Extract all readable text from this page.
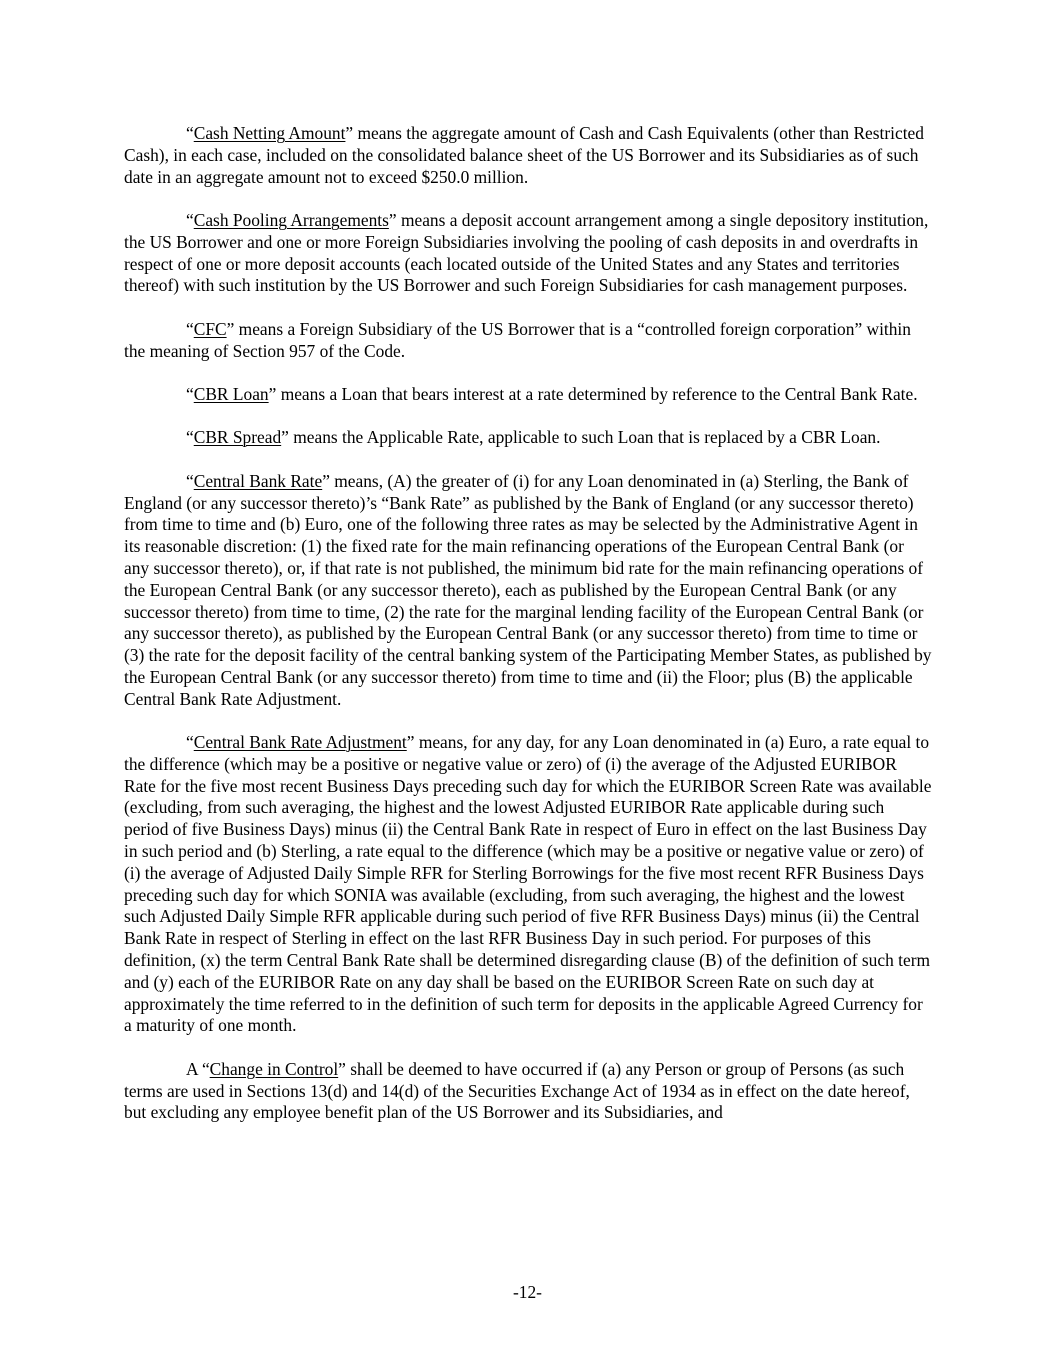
“Cash Netting Amount” means the aggregate amount of Cash and Cash Equivalents (other than Restricted Cash), in each case, included on the consolidated balance sheet of the US Borrower and its Subsidiaries as of such date in an aggregate amount not to exceed $250.0 million.

“Cash Pooling Arrangements” means a deposit account arrangement among a single depository institution, the US Borrower and one or more Foreign Subsidiaries involving the pooling of cash deposits in and overdrafts in respect of one or more deposit accounts (each located outside of the United States and any States and territories thereof) with such institution by the US Borrower and such Foreign Subsidiaries for cash management purposes.

“CFC” means a Foreign Subsidiary of the US Borrower that is a “controlled foreign corporation” within the meaning of Section 957 of the Code.

“CBR Loan” means a Loan that bears interest at a rate determined by reference to the Central Bank Rate.

“CBR Spread” means the Applicable Rate, applicable to such Loan that is replaced by a CBR Loan.

“Central Bank Rate” means, (A) the greater of (i) for any Loan denominated in (a) Sterling, the Bank of England (or any successor thereto)’s “Bank Rate” as published by the Bank of England (or any successor thereto) from time to time and (b) Euro, one of the following three rates as may be selected by the Administrative Agent in its reasonable discretion: (1) the fixed rate for the main refinancing operations of the European Central Bank (or any successor thereto), or, if that rate is not published, the minimum bid rate for the main refinancing operations of the European Central Bank (or any successor thereto), each as published by the European Central Bank (or any successor thereto) from time to time, (2) the rate for the marginal lending facility of the European Central Bank (or any successor thereto), as published by the European Central Bank (or any successor thereto) from time to time or (3) the rate for the deposit facility of the central banking system of the Participating Member States, as published by the European Central Bank (or any successor thereto) from time to time and (ii) the Floor; plus (B) the applicable Central Bank Rate Adjustment.

“Central Bank Rate Adjustment” means, for any day, for any Loan denominated in (a) Euro, a rate equal to the difference (which may be a positive or negative value or zero) of (i) the average of the Adjusted EURIBOR Rate for the five most recent Business Days preceding such day for which the EURIBOR Screen Rate was available (excluding, from such averaging, the highest and the lowest Adjusted EURIBOR Rate applicable during such period of five Business Days) minus (ii) the Central Bank Rate in respect of Euro in effect on the last Business Day in such period and (b) Sterling, a rate equal to the difference (which may be a positive or negative value or zero) of (i) the average of Adjusted Daily Simple RFR for Sterling Borrowings for the five most recent RFR Business Days preceding such day for which SONIA was available (excluding, from such averaging, the highest and the lowest such Adjusted Daily Simple RFR applicable during such period of five RFR Business Days) minus (ii) the Central Bank Rate in respect of Sterling in effect on the last RFR Business Day in such period. For purposes of this definition, (x) the term Central Bank Rate shall be determined disregarding clause (B) of the definition of such term and (y) each of the EURIBOR Rate on any day shall be based on the EURIBOR Screen Rate on such day at approximately the time referred to in the definition of such term for deposits in the applicable Agreed Currency for a maturity of one month.

A “Change in Control” shall be deemed to have occurred if (a) any Person or group of Persons (as such terms are used in Sections 13(d) and 14(d) of the Securities Exchange Act of 1934 as in effect on the date hereof, but excluding any employee benefit plan of the US Borrower and its Subsidiaries, and

-12-
